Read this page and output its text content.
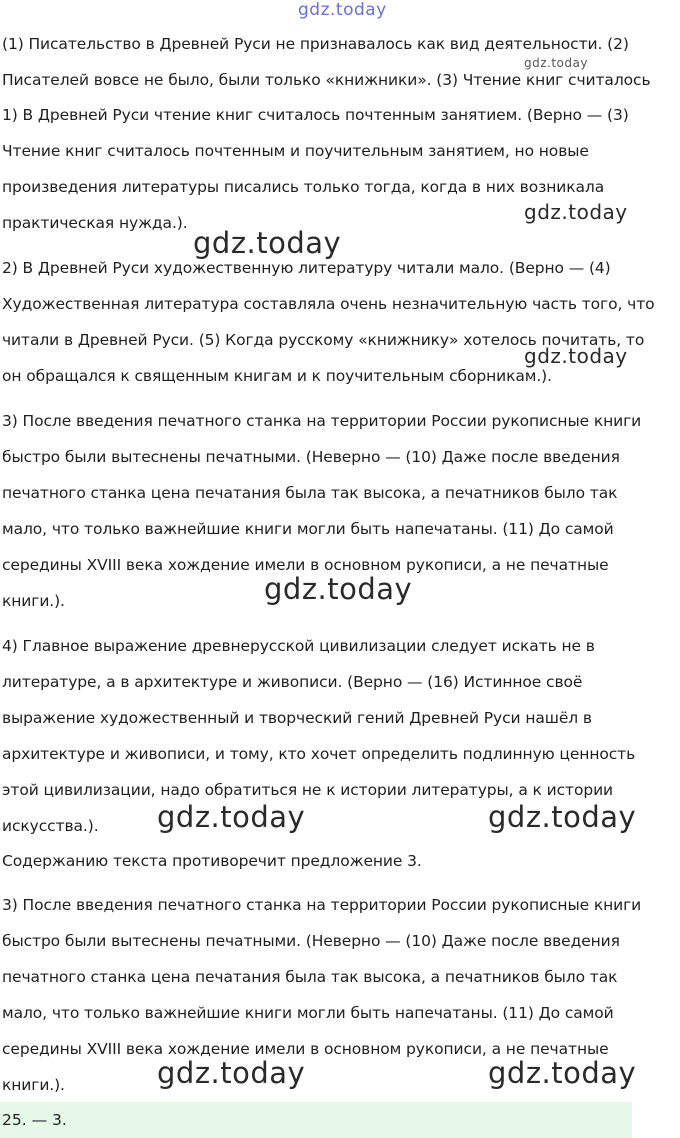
(1) Писательство в Древней Руси не признавалось как вид деятельности. (2)
Писателей вовсе не было, были только «книжники». (3) Чтение книг считалось
1) В Древней Руси чтение книг считалось почтенным занятием. (Верно — (3)
Чтение книг считалось почтенным и поучительным занятием, но новые
произведения литературы писались только тогда, когда в них возникала
практическая нужда.).
2) В Древней Руси художественную литературу читали мало. (Верно — (4)
Художественная литература составляла очень незначительную часть того, что
читали в Древней Руси. (5) Когда русскому «книжнику» хотелось почитать, то
он обращался к священным книгам и к поучительным сборникам.).
3) После введения печатного станка на территории России рукописные книги
быстро были вытеснены печатными. (Неверно — (10) Даже после введения
печатного станка цена печатания была так высока, а печатников было так
мало, что только важнейшие книги могли быть напечатаны. (11) До самой
середины XVIII века хождение имели в основном рукописи, а не печатные
книги.).
4) Главное выражение древнерусской цивилизации следует искать не в
литературе, а в архитектуре и живописи. (Верно — (16) Истинное своё
выражение художественный и творческий гений Древней Руси нашёл в
архитектуре и живописи, и тому, кто хочет определить подлинную ценность
этой цивилизации, надо обратиться не к истории литературы, а к истории
искусства.).
Содержанию текста противоречит предложение 3.
3) После введения печатного станка на территории России рукописные книги
быстро были вытеснены печатными. (Неверно — (10) Даже после введения
печатного станка цена печатания была так высока, а печатников было так
мало, что только важнейшие книги могли быть напечатаны. (11) До самой
середины XVIII века хождение имели в основном рукописи, а не печатные
книги.).
25. — 3.
gdz.today
gdz.today
gdz.today
gdz.today
gdz.today
gdz.today
gdz.today	gdz.today
gdz.today	gdz.today
